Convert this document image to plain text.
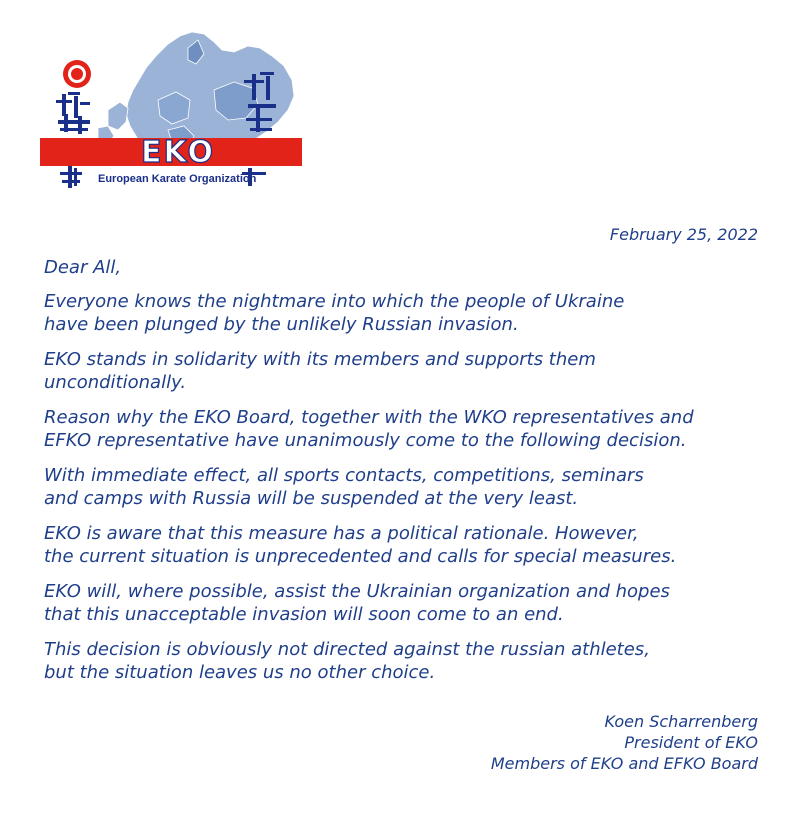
EKO
European Karate Organization
February 25, 2022

Dear All,

Everyone knows the nightmare into which the people of Ukraine
have been plunged by the unlikely Russian invasion.

EKO stands in solidarity with its members and supports them
unconditionally.

Reason why the EKO Board, together with the WKO representatives and
EFKO representative have unanimously come to the following decision.

With immediate effect, all sports contacts, competitions, seminars
and camps with Russia will be suspended at the very least.

EKO is aware that this measure has a political rationale. However,
the current situation is unprecedented and calls for special measures.

EKO will, where possible, assist the Ukrainian organization and hopes
that this unacceptable invasion will soon come to an end.

This decision is obviously not directed against the russian athletes,
but the situation leaves us no other choice.

Koen Scharrenberg
President of EKO
Members of EKO and EFKO Board
